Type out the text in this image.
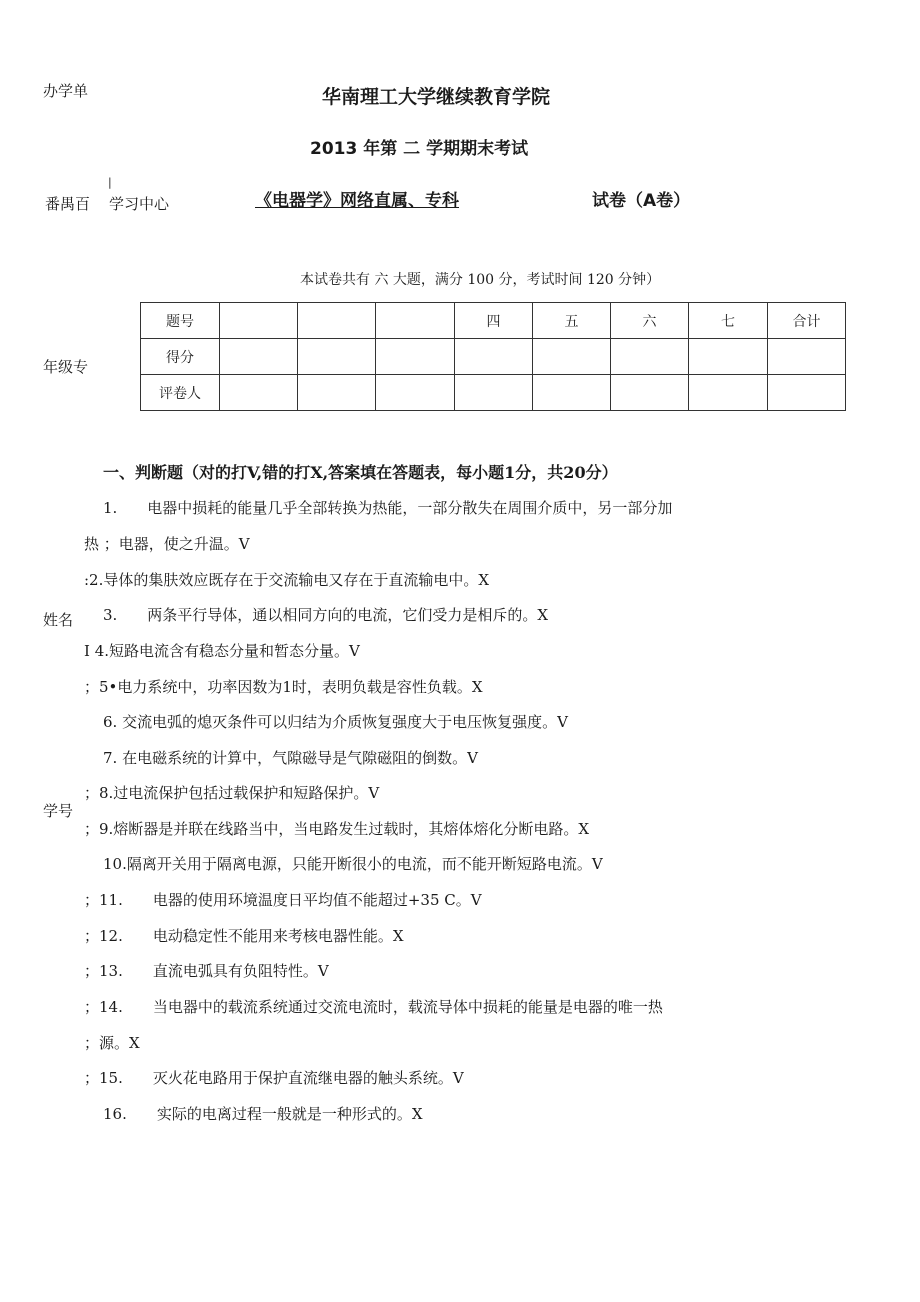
办学单
番禺百
|
学习中心
年级专
姓名
学号
华南理工大学继续教育学院
2013 年第 二 学期期末考试
《电器学》网络直属、专科	试卷（A卷）
本试卷共有 六 大题，满分 100 分，考试时间 120 分钟）
题号				四	五	六	七	合计
得分								
评卷人								
一、判断题（对的打V,错的打X,答案填在答题表，每小题1分，共20分）
1.　　电器中损耗的能量几乎全部转换为热能，一部分散失在周围介质中，另一部分加
热 ；电器，使之升温。V
:2.导体的集肤效应既存在于交流输电又存在于直流输电中。X
3.　　两条平行导体，通以相同方向的电流，它们受力是相斥的。X
I 4.短路电流含有稳态分量和暂态分量。V
；5•电力系统中，功率因数为1时，表明负载是容性负载。X
6. 交流电弧的熄灭条件可以归结为介质恢复强度大于电压恢复强度。V
7. 在电磁系统的计算中，气隙磁导是气隙磁阻的倒数。V
；8.过电流保护包括过载保护和短路保护。V
；9.熔断器是并联在线路当中，当电路发生过载时，其熔体熔化分断电路。X
10.隔离开关用于隔离电源，只能开断很小的电流，而不能开断短路电流。V
；11.　　电器的使用环境温度日平均值不能超过+35 C。V
；12.　　电动稳定性不能用来考核电器性能。X
；13.　　直流电弧具有负阻特性。V
；14.　　当电器中的载流系统通过交流电流时，载流导体中损耗的能量是电器的唯一热
；源。X
；15.　　灭火花电路用于保护直流继电器的触头系统。V
16.　　实际的电离过程一般就是一种形式的。X
